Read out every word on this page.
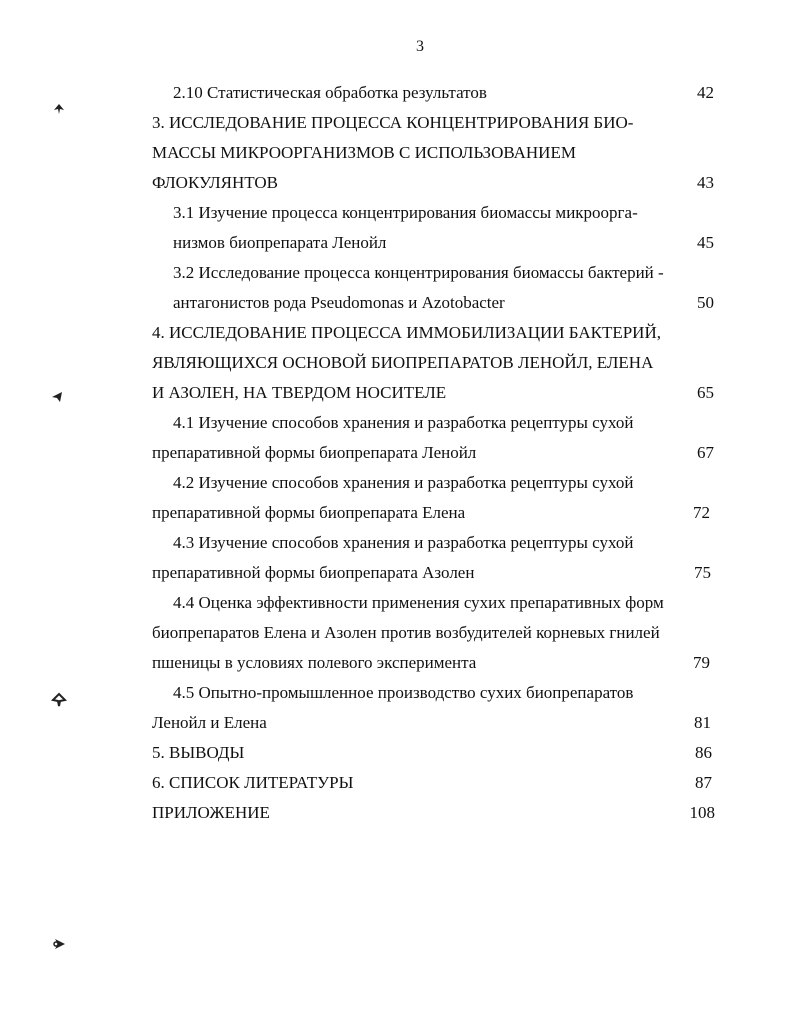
3
2.10 Статистическая обработка результатов	42
3. ИССЛЕДОВАНИЕ ПРОЦЕССА КОНЦЕНТРИРОВАНИЯ БИО-
МАССЫ МИКРООРГАНИЗМОВ С ИСПОЛЬЗОВАНИЕМ
ФЛОКУЛЯНТОВ	43
3.1 Изучение процесса концентрирования биомассы микроорга-
низмов биопрепарата Ленойл	45
3.2 Исследование процесса концентрирования биомассы бактерий -
антагонистов рода Pseudomonas и Azotobacter	50
4. ИССЛЕДОВАНИЕ ПРОЦЕССА ИММОБИЛИЗАЦИИ БАКТЕРИЙ,
ЯВЛЯЮЩИХСЯ ОСНОВОЙ БИОПРЕПАРАТОВ ЛЕНОЙЛ, ЕЛЕНА
И АЗОЛЕН, НА ТВЕРДОМ НОСИТЕЛЕ	65
4.1 Изучение способов хранения и разработка рецептуры сухой
препаративной формы биопрепарата Ленойл	67
4.2 Изучение способов хранения и разработка рецептуры сухой
препаративной формы биопрепарата Елена	72
4.3 Изучение способов хранения и разработка рецептуры сухой
препаративной формы биопрепарата Азолен	75
4.4 Оценка эффективности применения сухих препаративных форм
биопрепаратов Елена и Азолен против возбудителей корневых гнилей
пшеницы в условиях полевого эксперимента	79
4.5 Опытно-промышленное производство сухих биопрепаратов
Ленойл и Елена	81
5. ВЫВОДЫ	86
6. СПИСОК ЛИТЕРАТУРЫ	87
ПРИЛОЖЕНИЕ	108
